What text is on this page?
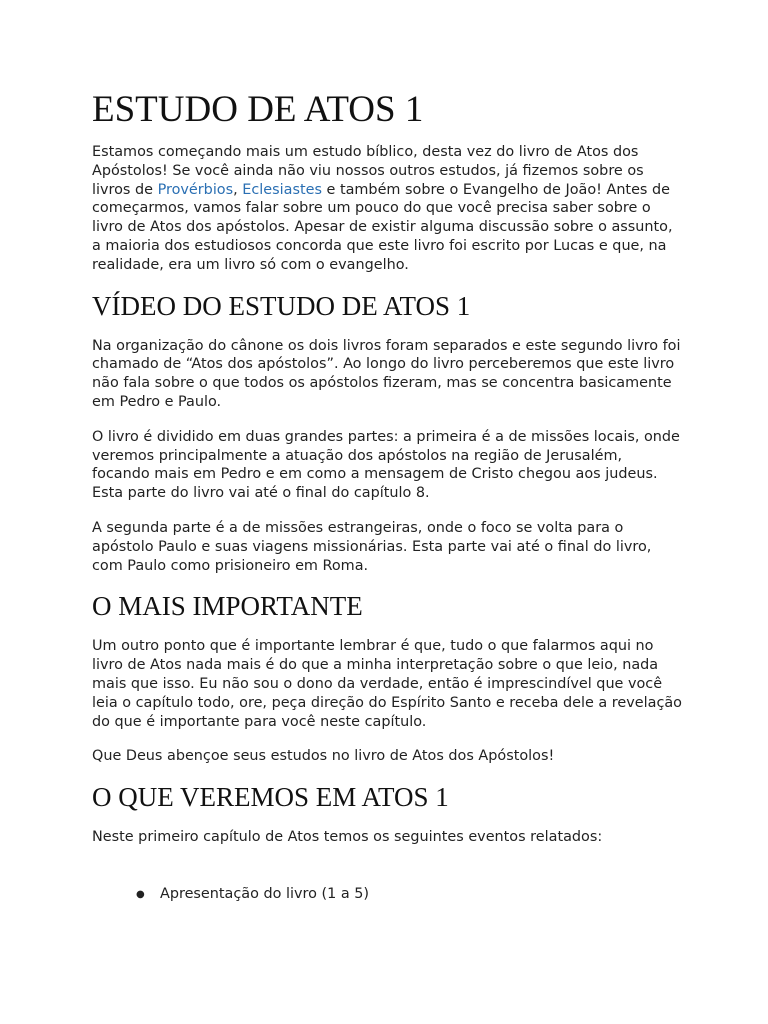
ESTUDO DE ATOS 1

Estamos começando mais um estudo bíblico, desta vez do livro de Atos dos Apóstolos! Se você ainda não viu nossos outros estudos, já fizemos sobre os livros de Provérbios, Eclesiastes e também sobre o Evangelho de João! Antes de começarmos, vamos falar sobre um pouco do que você precisa saber sobre o livro de Atos dos apóstolos. Apesar de existir alguma discussão sobre o assunto, a maioria dos estudiosos concorda que este livro foi escrito por Lucas e que, na realidade, era um livro só com o evangelho.

VÍDEO DO ESTUDO DE ATOS 1

Na organização do cânone os dois livros foram separados e este segundo livro foi chamado de “Atos dos apóstolos”. Ao longo do livro perceberemos que este livro não fala sobre o que todos os apóstolos fizeram, mas se concentra basicamente em Pedro e Paulo.

O livro é dividido em duas grandes partes: a primeira é a de missões locais, onde veremos principalmente a atuação dos apóstolos na região de Jerusalém, focando mais em Pedro e em como a mensagem de Cristo chegou aos judeus. Esta parte do livro vai até o final do capítulo 8.

A segunda parte é a de missões estrangeiras, onde o foco se volta para o apóstolo Paulo e suas viagens missionárias. Esta parte vai até o final do livro, com Paulo como prisioneiro em Roma.

O MAIS IMPORTANTE

Um outro ponto que é importante lembrar é que, tudo o que falarmos aqui no livro de Atos nada mais é do que a minha interpretação sobre o que leio, nada mais que isso. Eu não sou o dono da verdade, então é imprescindível que você leia o capítulo todo, ore, peça direção do Espírito Santo e receba dele a revelação do que é importante para você neste capítulo.

Que Deus abençoe seus estudos no livro de Atos dos Apóstolos!

O QUE VEREMOS EM ATOS 1

Neste primeiro capítulo de Atos temos os seguintes eventos relatados:

● Apresentação do livro (1 a 5)
